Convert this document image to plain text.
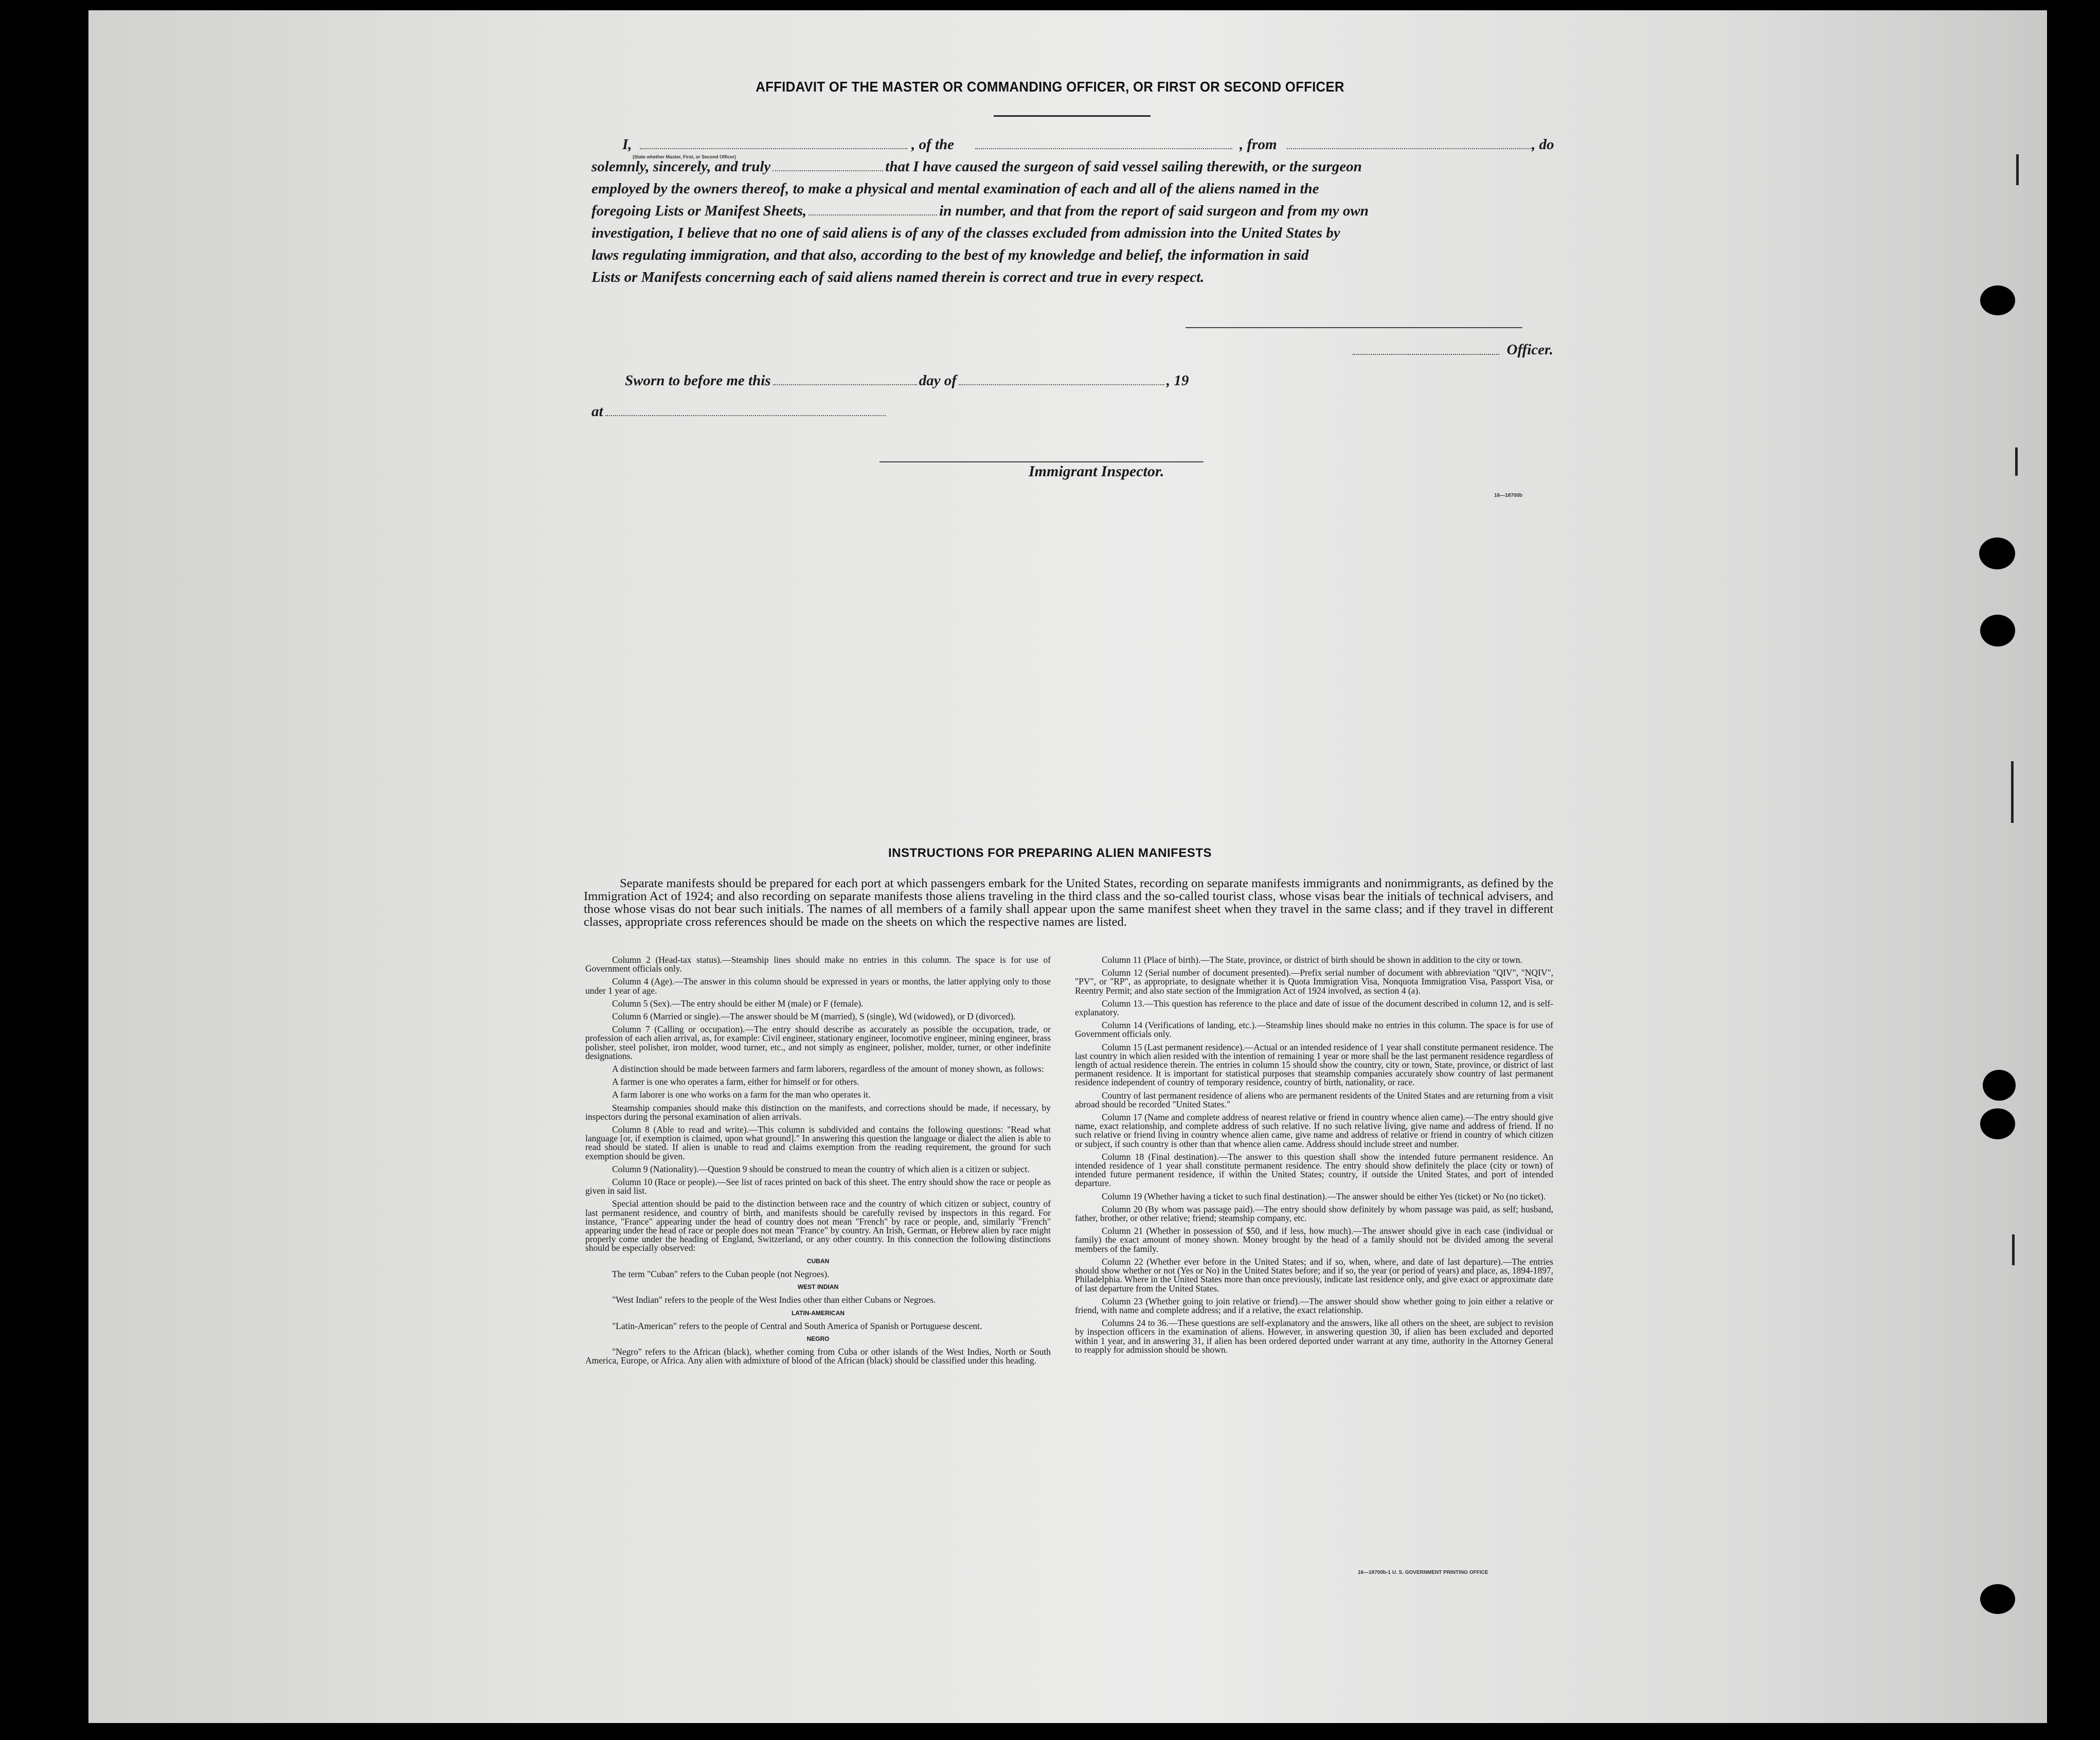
AFFIDAVIT OF THE MASTER OR COMMANDING OFFICER, OR FIRST OR SECOND OFFICER
I,	, of the	, from	, do

solemnly, sincerely, and truly	that I have caused the surgeon of said vessel sailing therewith, or the surgeon

employed by the owners thereof, to make a physical and mental examination of each and all of the aliens named in the

foregoing Lists or Manifest Sheets,	in number, and that from the report of said surgeon and from my own

investigation, I believe that no one of said aliens is of any of the classes excluded from admission into the United States by

laws regulating immigration, and that also, according to the best of my knowledge and belief, the information in said

Lists or Manifests concerning each of said aliens named therein is correct and true in every respect.

(State whether Master, First, or Second Officer)
Officer.
Sworn to before me this	day of	, 19
at
Immigrant Inspector.
16—18700b
INSTRUCTIONS FOR PREPARING ALIEN MANIFESTS
Separate manifests should be prepared for each port at which passengers embark for the United States, recording on separate manifests immigrants and nonimmigrants, as defined by the Immigration Act of 1924; and also recording on separate manifests those aliens traveling in the third class and the so-called tourist class, whose visas bear the initials of technical advisers, and those whose visas do not bear such initials. The names of all members of a family shall appear upon the same manifest sheet when they travel in the same class; and if they travel in different classes, appropriate cross references should be made on the sheets on which the respective names are listed.

Column 2 (Head-tax status).—Steamship lines should make no entries in this column. The space is for use of Government officials only.

Column 4 (Age).—The answer in this column should be expressed in years or months, the latter applying only to those under 1 year of age.

Column 5 (Sex).—The entry should be either M (male) or F (female).

Column 6 (Married or single).—The answer should be M (married), S (single), Wd (widowed), or D (divorced).

Column 7 (Calling or occupation).—The entry should describe as accurately as possible the occupation, trade, or profession of each alien arrival, as, for example: Civil engineer, stationary engineer, locomotive engineer, mining engineer, brass polisher, steel polisher, iron molder, wood turner, etc., and not simply as engineer, polisher, molder, turner, or other indefinite designations.

A distinction should be made between farmers and farm laborers, regardless of the amount of money shown, as follows:

A farmer is one who operates a farm, either for himself or for others.

A farm laborer is one who works on a farm for the man who operates it.

Steamship companies should make this distinction on the manifests, and corrections should be made, if necessary, by inspectors during the personal examination of alien arrivals.

Column 8 (Able to read and write).—This column is subdivided and contains the following questions: "Read what language [or, if exemption is claimed, upon what ground]." In answering this question the language or dialect the alien is able to read should be stated. If alien is unable to read and claims exemption from the reading requirement, the ground for such exemption should be given.

Column 9 (Nationality).—Question 9 should be construed to mean the country of which alien is a citizen or subject.

Column 10 (Race or people).—See list of races printed on back of this sheet. The entry should show the race or people as given in said list.

Special attention should be paid to the distinction between race and the country of which citizen or subject, country of last permanent residence, and country of birth, and manifests should be carefully revised by inspectors in this regard. For instance, "France" appearing under the head of country does not mean "French" by race or people, and, similarly "French" appearing under the head of race or people does not mean "France" by country. An Irish, German, or Hebrew alien by race might properly come under the heading of England, Switzerland, or any other country. In this connection the following distinctions should be especially observed:

CUBAN

The term "Cuban" refers to the Cuban people (not Negroes).

WEST INDIAN

"West Indian" refers to the people of the West Indies other than either Cubans or Negroes.

LATIN-AMERICAN

"Latin-American" refers to the people of Central and South America of Spanish or Portuguese descent.

NEGRO

"Negro" refers to the African (black), whether coming from Cuba or other islands of the West Indies, North or South America, Europe, or Africa. Any alien with admixture of blood of the African (black) should be classified under this heading.

Column 11 (Place of birth).—The State, province, or district of birth should be shown in addition to the city or town.

Column 12 (Serial number of document presented).—Prefix serial number of document with abbreviation "QIV", "NQIV", "PV", or "RP", as appropriate, to designate whether it is Quota Immigration Visa, Nonquota Immigration Visa, Passport Visa, or Reentry Permit; and also state section of the Immigration Act of 1924 involved, as section 4 (a).

Column 13.—This question has reference to the place and date of issue of the document described in column 12, and is self-explanatory.

Column 14 (Verifications of landing, etc.).—Steamship lines should make no entries in this column. The space is for use of Government officials only.

Column 15 (Last permanent residence).—Actual or an intended residence of 1 year shall constitute permanent residence. The last country in which alien resided with the intention of remaining 1 year or more shall be the last permanent residence regardless of length of actual residence therein. The entries in column 15 should show the country, city or town, State, province, or district of last permanent residence. It is important for statistical purposes that steamship companies accurately show country of last permanent residence independent of country of temporary residence, country of birth, nationality, or race.

Country of last permanent residence of aliens who are permanent residents of the United States and are returning from a visit abroad should be recorded "United States."

Column 17 (Name and complete address of nearest relative or friend in country whence alien came).—The entry should give name, exact relationship, and complete address of such relative. If no such relative living, give name and address of friend. If no such relative or friend living in country whence alien came, give name and address of relative or friend in country of which citizen or subject, if such country is other than that whence alien came. Address should include street and number.

Column 18 (Final destination).—The answer to this question shall show the intended future permanent residence. An intended residence of 1 year shall constitute permanent residence. The entry should show definitely the place (city or town) of intended future permanent residence, if within the United States; country, if outside the United States, and port of intended departure.

Column 19 (Whether having a ticket to such final destination).—The answer should be either Yes (ticket) or No (no ticket).

Column 20 (By whom was passage paid).—The entry should show definitely by whom passage was paid, as self; husband, father, brother, or other relative; friend; steamship company, etc.

Column 21 (Whether in possession of $50, and if less, how much).—The answer should give in each case (individual or family) the exact amount of money shown. Money brought by the head of a family should not be divided among the several members of the family.

Column 22 (Whether ever before in the United States; and if so, when, where, and date of last departure).—The entries should show whether or not (Yes or No) in the United States before; and if so, the year (or period of years) and place, as, 1894-1897, Philadelphia. Where in the United States more than once previously, indicate last residence only, and give exact or approximate date of last departure from the United States.

Column 23 (Whether going to join relative or friend).—The answer should show whether going to join either a relative or friend, with name and complete address; and if a relative, the exact relationship.

Columns 24 to 36.—These questions are self-explanatory and the answers, like all others on the sheet, are subject to revision by inspection officers in the examination of aliens. However, in answering question 30, if alien has been excluded and deported within 1 year, and in answering 31, if alien has been ordered deported under warrant at any time, authority in the Attorney General to reapply for admission should be shown.

16—18700b-1 U. S. GOVERNMENT PRINTING OFFICE
